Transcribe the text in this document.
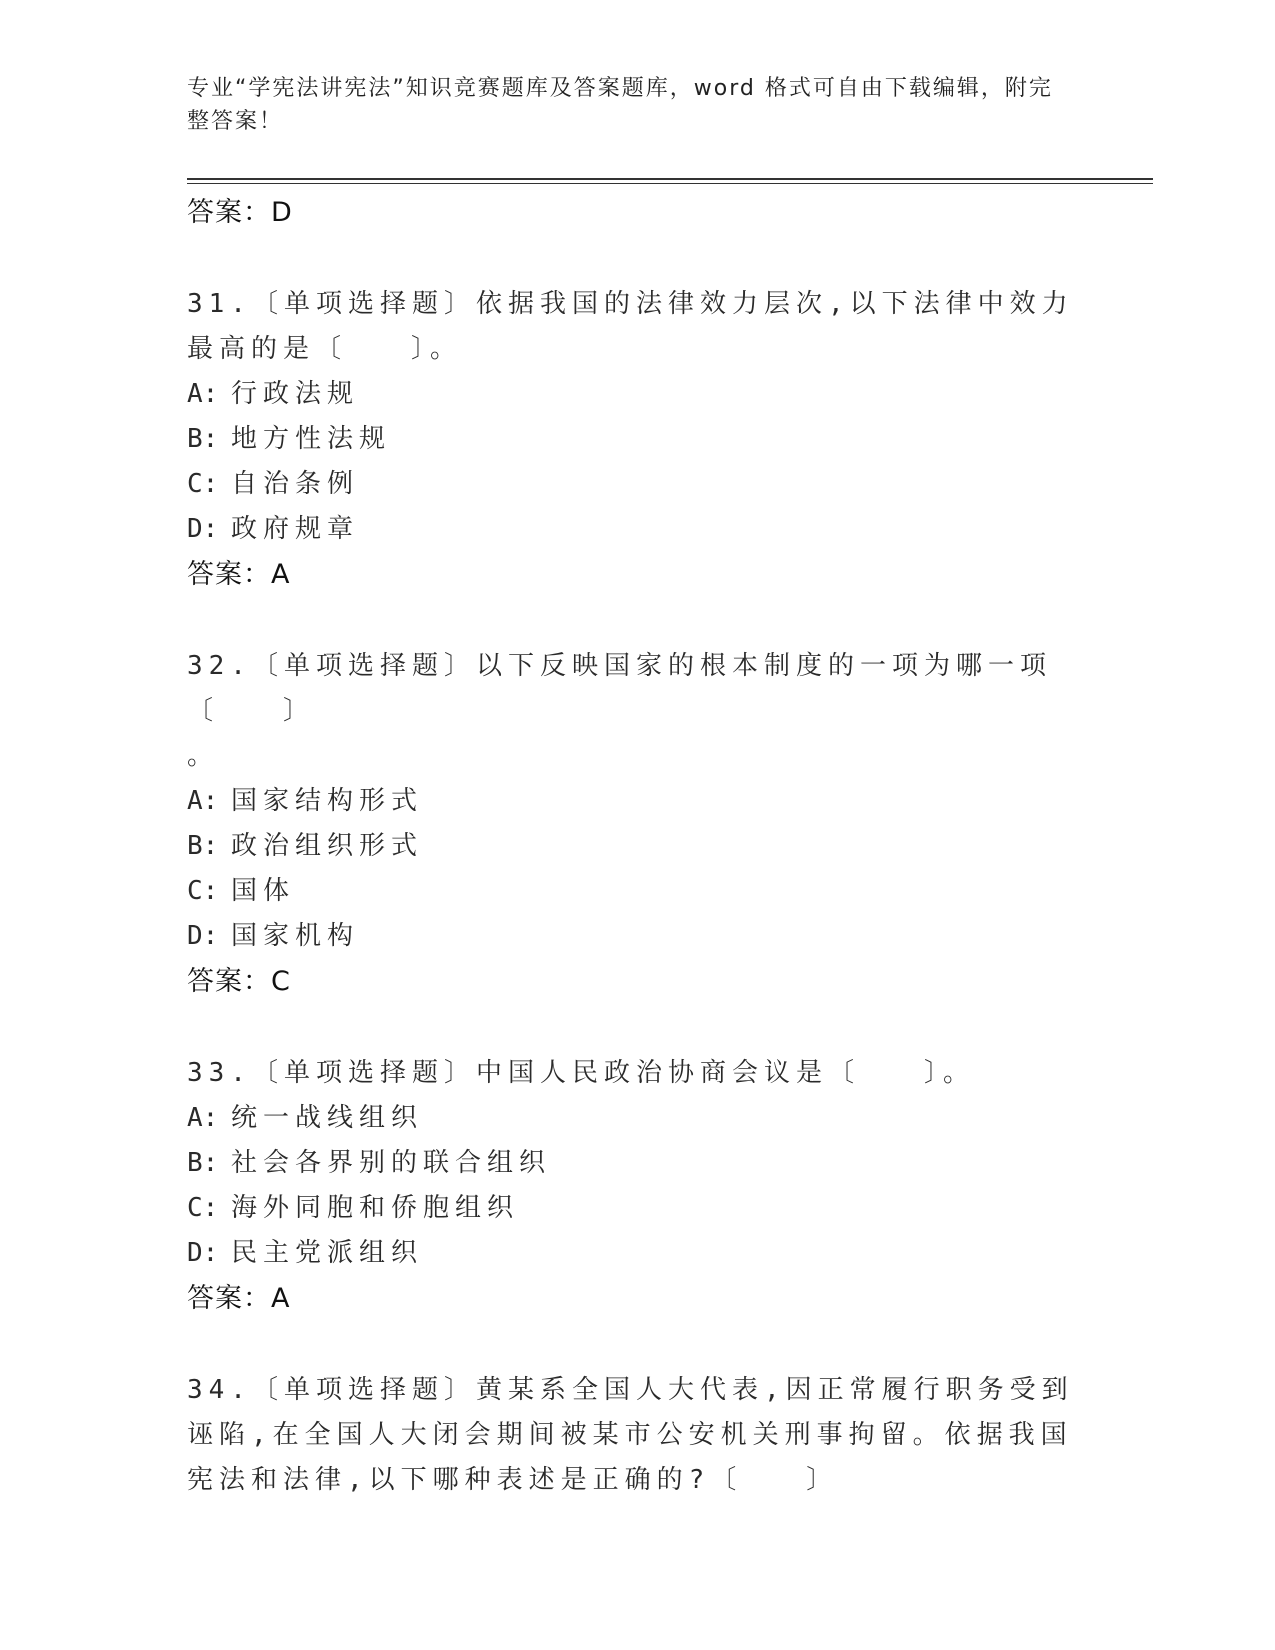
专业“学宪法讲宪法”知识竞赛题库及答案题库，word 格式可自由下载编辑，附完整答案！
答案：D
31.〔单项选择题〕依据我国的法律效力层次,以下法律中效力最高的是〔　　〕。
A: 行政法规
B: 地方性法规
C: 自治条例
D: 政府规章
答案：A
32.〔单项选择题〕以下反映国家的根本制度的一项为哪一项〔　　〕
。
A: 国家结构形式
B: 政治组织形式
C: 国体
D: 国家机构
答案：C
33.〔单项选择题〕中国人民政治协商会议是〔　　〕。
A: 统一战线组织
B: 社会各界别的联合组织
C: 海外同胞和侨胞组织
D: 民主党派组织
答案：A
34.〔单项选择题〕黄某系全国人大代表,因正常履行职务受到诬陷,在全国人大闭会期间被某市公安机关刑事拘留。依据我国宪法和法律,以下哪种表述是正确的?〔　　〕
